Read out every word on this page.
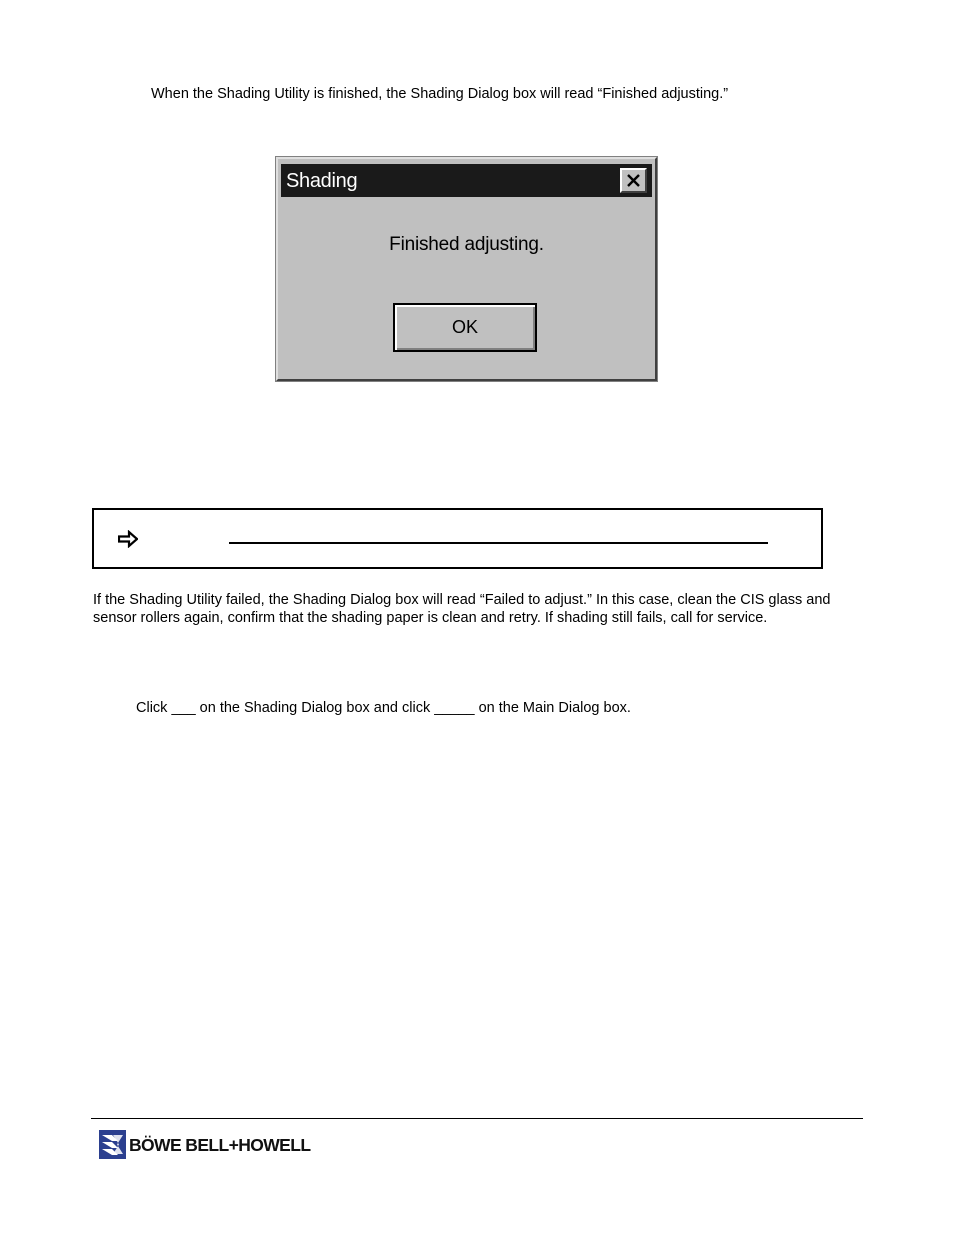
When the Shading Utility is finished, the Shading Dialog box will read “Finished adjusting.”

Shading
Finished adjusting.
OK

If the Shading Utility failed, the Shading Dialog box will read “Failed to adjust.” In this case, clean the CIS glass and sensor rollers again, confirm that the shading paper is clean and retry. If shading still fails, call for service.

Click ___ on the Shading Dialog box and click _____ on the Main Dialog box.

BÖWE BELL+HOWELL
